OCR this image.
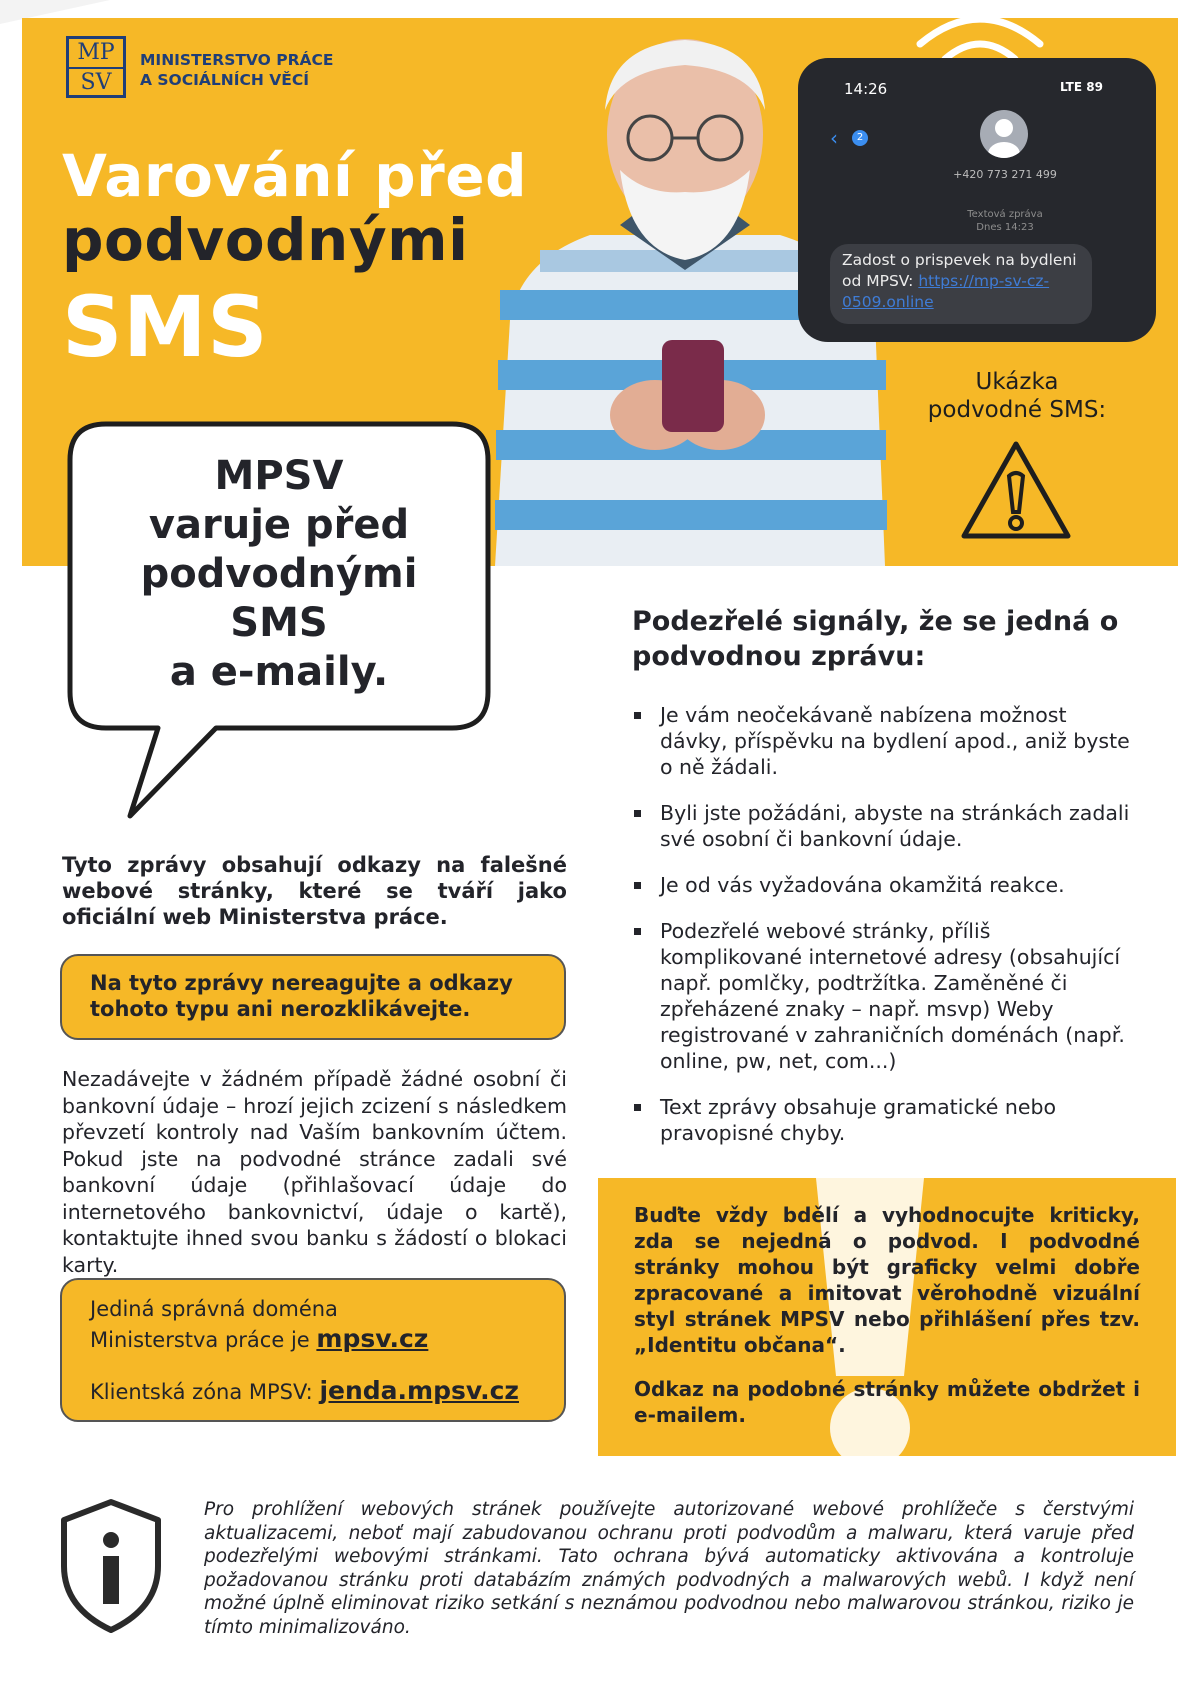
MP
SV
MINISTERSTVO PRÁCE
A SOCIÁLNÍCH VĚCÍ
Varování před
podvodnými
SMS
14:26	LTE 89
‹	2
+420 773 271 499
Textová zpráva
Dnes 14:23
Zadost o prispevek na bydleni od MPSV: https://mp-sv-cz-0509.online
Ukázka podvodné SMS:
MPSV
varuje před
podvodnými
SMS
a e-maily.
Tyto zprávy obsahují odkazy na falešné webové stránky, které se tváří jako oficiální web Ministerstva práce.
Na tyto zprávy nereagujte a odkazy tohoto typu ani nerozklikávejte.
Nezadávejte v žádném případě žádné osobní či bankovní údaje – hrozí jejich zcizení s následkem převzetí kontroly nad Vaším bankovním účtem. Pokud jste na podvodné stránce zadali své bankovní údaje (přihlašovací údaje do internetového bankovnictví, údaje o kartě), kontaktujte ihned svou banku s žádostí o blokaci karty.
Jediná správná doména
Ministerstva práce je mpsv.cz
Klientská zóna MPSV: jenda.mpsv.cz
Podezřelé signály, že se jedná o podvodnou zprávu:
Je vám neočekávaně nabízena možnost dávky, příspěvku na bydlení apod., aniž byste o ně žádali.
Byli jste požádáni, abyste na stránkách zadali své osobní či bankovní údaje.
Je od vás vyžadována okamžitá reakce.
Podezřelé webové stránky, příliš komplikované internetové adresy (obsahující např. pomlčky, podtržítka. Zaměněné či zpřeházené znaky – např. msvp) Weby registrované v zahraničních doménách (např. online, pw, net, com...)
Text zprávy obsahuje gramatické nebo pravopisné chyby.
Buďte vždy bdělí a vyhodnocujte kriticky, zda se nejedná o podvod. I podvodné stránky mohou být graficky velmi dobře zpracované a imitovat věrohodně vizuální styl stránek MPSV nebo přihlášení přes tzv. „Identitu občana“.
Odkaz na podobné stránky můžete obdržet i e-mailem.
Pro prohlížení webových stránek používejte autorizované webové prohlížeče s čerstvými aktualizacemi, neboť mají zabudovanou ochranu proti podvodům a malwaru, která varuje před podezřelými webovými stránkami. Tato ochrana bývá automaticky aktivována a kontroluje požadovanou stránku proti databázím známých podvodných a malwarových webů. I když není možné úplně eliminovat riziko setkání s neznámou podvodnou nebo malwarovou stránkou, riziko je tímto minimalizováno.
